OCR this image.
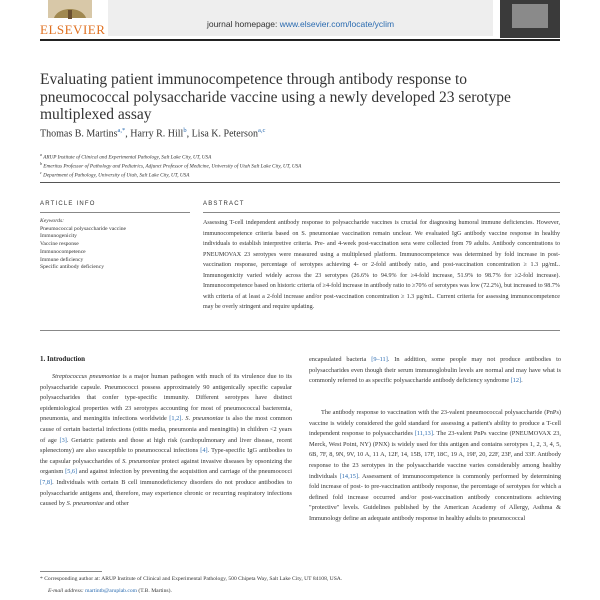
ELSEVIER	journal homepage: www.elsevier.com/locate/yclim
Evaluating patient immunocompetence through antibody response to pneumococcal polysaccharide vaccine using a newly developed 23 serotype multiplexed assay
Thomas B. Martins$^{a,*}$, Harry R. Hill$^b$, Lisa K. Peterson$^{a,c}$
$^a$ ARUP Institute of Clinical and Experimental Pathology, Salt Lake City, UT, USA
$^b$ Emeritus Professor of Pathology and Pediatrics, Adjunct Professor of Medicine, University of Utah Salt Lake City, UT, USA
$^c$ Department of Pathology, University of Utah, Salt Lake City, UT, USA
ARTICLE INFO	ABSTRACT
Keywords:
Pneumococcal polysaccharide vaccine
Immunogenicity
Vaccine response
Immunocompetence
Immune deficiency
Specific antibody deficiency
Assessing T-cell independent antibody response to polysaccharide vaccines is crucial for diagnosing humoral immune deficiencies. However, immunocompetence criteria based on S. pneumoniae vaccination remain unclear. We evaluated IgG antibody vaccine response in healthy individuals to establish interpretive criteria. Pre- and 4-week post-vaccination sera were collected from 79 adults. Antibody concentrations to PNEUMOVAX 23 serotypes were measured using a multiplexed platform. Immunocompetence was determined by fold increase in post-vaccination response, percentage of serotypes achieving 4- or 2-fold antibody ratio, and post-vaccination concentration ≥ 1.3 µg/mL. Immunogenicity varied widely across the 23 serotypes (26.6% to 94.9% for ≥4-fold increase, 51.9% to 98.7% for ≥2-fold increase). Immunocompetence based on historic criteria of ≥4-fold increase in antibody ratio to ≥70% of serotypes was low (72.2%), but increased to 98.7% with criteria of at least a 2-fold increase and/or post-vaccination concentration ≥ 1.3 µg/mL. Current criteria for assessing immunocompetence may be overly stringent and require updating.
1. Introduction
Streptococcus pneumoniae is a major human pathogen with much of its virulence due to its polysaccharide capsule. Pneumococci possess approximately 90 antigenically specific capsular polysaccharides that confer type-specific immunity. Different serotypes have distinct epidemiological properties with 23 serotypes accounting for most of pneumococcal bacteremia, pneumonia, and meningitis infections worldwide [1,2]. S. pneumoniae is also the most common cause of certain bacterial infections (otitis media, pneumonia and meningitis) in children <2 years of age [3]. Geriatric patients and those at high risk (cardiopulmonary and liver disease, recent splenectomy) are also susceptible to pneumococcal infections [4]. Type-specific IgG antibodies to the capsular polysaccharides of S. pneumoniae protect against invasive diseases by opsonizing the organism [5,6] and against infection by preventing the acquisition and carriage of the pneumococci [7,8]. Individuals with certain B cell immunodeficiency disorders do not produce antibodies to polysaccharide antigens and, therefore, may experience chronic or recurring respiratory infections caused by S. pneumoniae and other
encapsulated bacteria [9–11]. In addition, some people may not produce antibodies to polysaccharides even though their serum immunoglobulin levels are normal and may have what is commonly referred to as specific polysaccharide antibody deficiency syndrome [12].
The antibody response to vaccination with the 23-valent pneumococcal polysaccharide (PnPs) vaccine is widely considered the gold standard for assessing a patient's ability to produce a T-cell independent response to polysaccharides [11,13]. The 23-valent PnPs vaccine (PNEUMOVAX 23, Merck, West Point, NY) (PNX) is widely used for this antigen and contains serotypes 1, 2, 3, 4, 5, 6B, 7F, 8, 9N, 9V, 10 A, 11 A, 12F, 14, 15B, 17F, 18C, 19 A, 19F, 20, 22F, 23F, and 33F. Antibody response to the 23 serotypes in the polysaccharide vaccine varies considerably among healthy individuals [14,15]. Assessment of immunocompetence is commonly performed by determining fold increase of post- to pre-vaccination antibody response, the percentage of serotypes for which a defined fold increase occurred and/or post-vaccination antibody concentrations achieving "protective" levels. Guidelines published by the American Academy of Allergy, Asthma & Immunology define an adequate antibody response in healthy adults to pneumococcal
* Corresponding author at: ARUP Institute of Clinical and Experimental Pathology, 500 Chipeta Way, Salt Lake City, UT 84108, USA.
E-mail address: martintb@aruplab.com (T.B. Martins).
